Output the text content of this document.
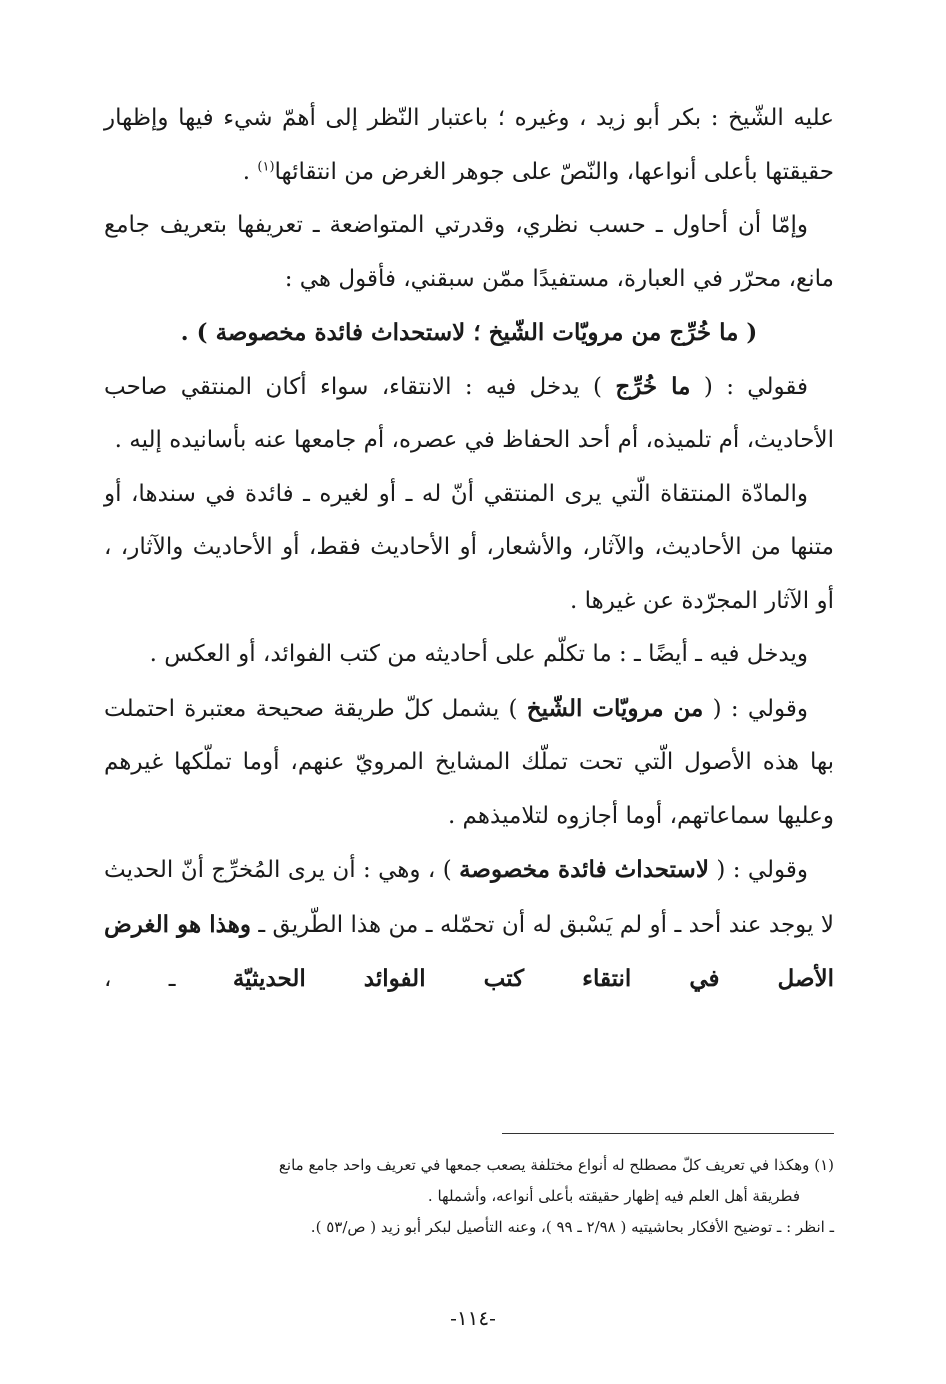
عليه الشّيخ : بكر أبو زيد ، وغيره ؛ باعتبار النّظر إلى أهمّ شيء فيها وإظهار حقيقتها بأعلى أنواعها، والنّصّ على جوهر الغرض من انتقائها$^{(١)}$ .

وإمّا أن أحاول ـ حسب نظري، وقدرتي المتواضعة ـ تعريفها بتعريف جامع مانع، محرّر في العبارة، مستفيدًا ممّن سبقني، فأقول هي :

( ما خُرِّج من مرويّات الشّيخ ؛ لاستحداث فائدة مخصوصة ) .

فقولي : ( ما خُرِّج ) يدخل فيه : الانتقاء، سواء أكان المنتقي صاحب الأحاديث، أم تلميذه، أم أحد الحفاظ في عصره، أم جامعها عنه بأسانيده إليه .

والمادّة المنتقاة الّتي يرى المنتقي أنّ له ـ أو لغيره ـ فائدة في سندها، أو متنها من الأحاديث، والآثار، والأشعار، أو الأحاديث فقط، أو الأحاديث والآثار، ، أو الآثار المجرّدة عن غيرها .

ويدخل فيه ـ أيضًا ـ : ما تكلّم على أحاديثه من كتب الفوائد، أو العكس .

وقولي : ( من مرويّات الشّيخ ) يشمل كلّ طريقة صحيحة معتبرة احتملت بها هذه الأصول الّتي تحت تملّك المشايخ المرويّ عنهم، أوما تملّكها غيرهم وعليها سماعاتهم، أوما أجازوه لتلاميذهم .

وقولي : ( لاستحداث فائدة مخصوصة ) ، وهي : أن يرى المُخرِّج أنّ الحديث لا يوجد عند أحد ـ أو لم يَسْبق له أن تحمّله ـ من هذا الطّريق ـ وهذا هو الغرض الأصل في انتقاء كتب الفوائد الحديثيّة ـ ،

(١) وهكذا في تعريف كلّ مصطلح له أنواع مختلفة يصعب جمعها في تعريف واحد جامع مانع

فطريقة أهل العلم فيه إظهار حقيقته بأعلى أنواعه، وأشملها .

ـ انظر : ـ توضيح الأفكار بحاشيتيه ( ٢/٩٨ ـ ٩٩ )، وعنه التأصيل لبكر أبو زيد ( ص/٥٣ ).

-١١٤-
